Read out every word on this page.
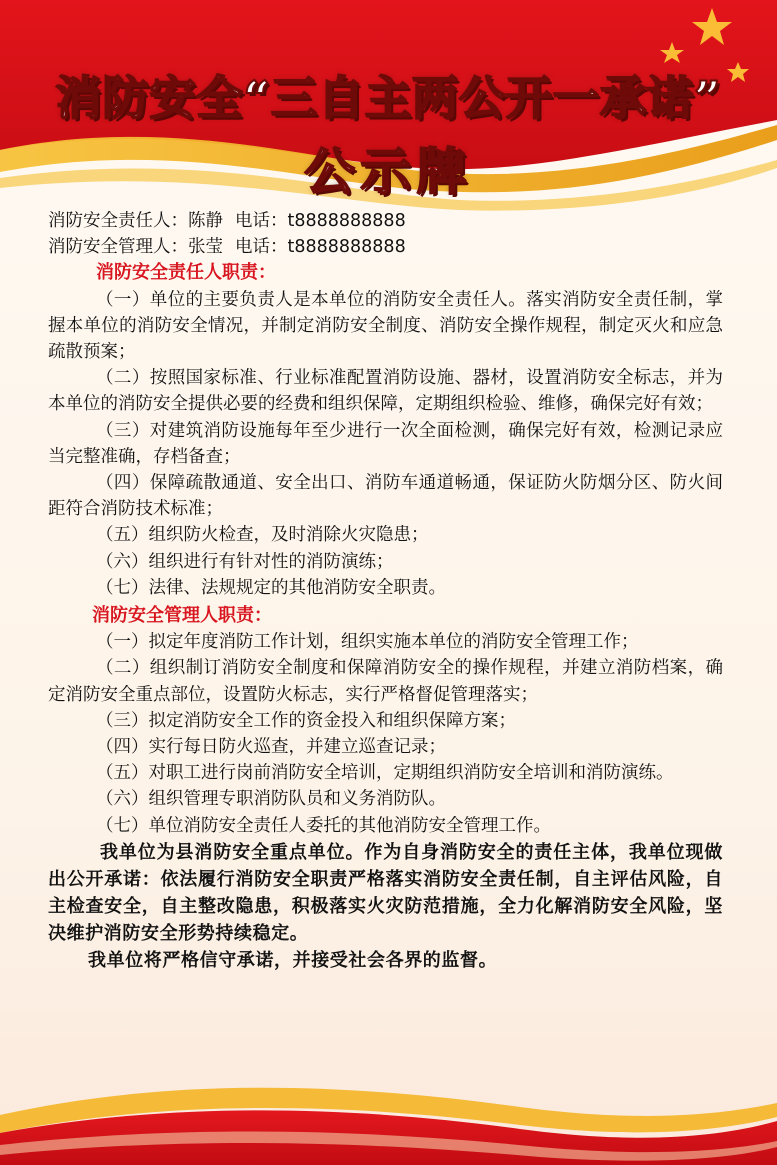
消防安全“三自主两公开一承诺”
公示牌

消防安全责任人：陈静 电话：t8888888888

消防安全管理人：张莹 电话：t8888888888

消防安全责任人职责：

（一）单位的主要负责人是本单位的消防安全责任人。落实消防安全责任制，掌握本单位的消防安全情况，并制定消防安全制度、消防安全操作规程，制定灭火和应急疏散预案；

（二）按照国家标准、行业标准配置消防设施、器材，设置消防安全标志，并为本单位的消防安全提供必要的经费和组织保障，定期组织检验、维修，确保完好有效；

（三）对建筑消防设施每年至少进行一次全面检测，确保完好有效，检测记录应当完整准确，存档备查；

（四）保障疏散通道、安全出口、消防车通道畅通，保证防火防烟分区、防火间距符合消防技术标准；

（五）组织防火检查，及时消除火灾隐患；

（六）组织进行有针对性的消防演练；

（七）法律、法规规定的其他消防安全职责。

消防安全管理人职责：

（一）拟定年度消防工作计划，组织实施本单位的消防安全管理工作；

（二）组织制订消防安全制度和保障消防安全的操作规程，并建立消防档案，确定消防安全重点部位，设置防火标志，实行严格督促管理落实；

（三）拟定消防安全工作的资金投入和组织保障方案；

（四）实行每日防火巡查，并建立巡查记录；

（五）对职工进行岗前消防安全培训，定期组织消防安全培训和消防演练。

（六）组织管理专职消防队员和义务消防队。

（七）单位消防安全责任人委托的其他消防安全管理工作。

我单位为县消防安全重点单位。作为自身消防安全的责任主体，我单位现做出公开承诺：依法履行消防安全职责严格落实消防安全责任制，自主评估风险，自主检查安全，自主整改隐患，积极落实火灾防范措施，全力化解消防安全风险，坚决维护消防安全形势持续稳定。

我单位将严格信守承诺，并接受社会各界的监督。
